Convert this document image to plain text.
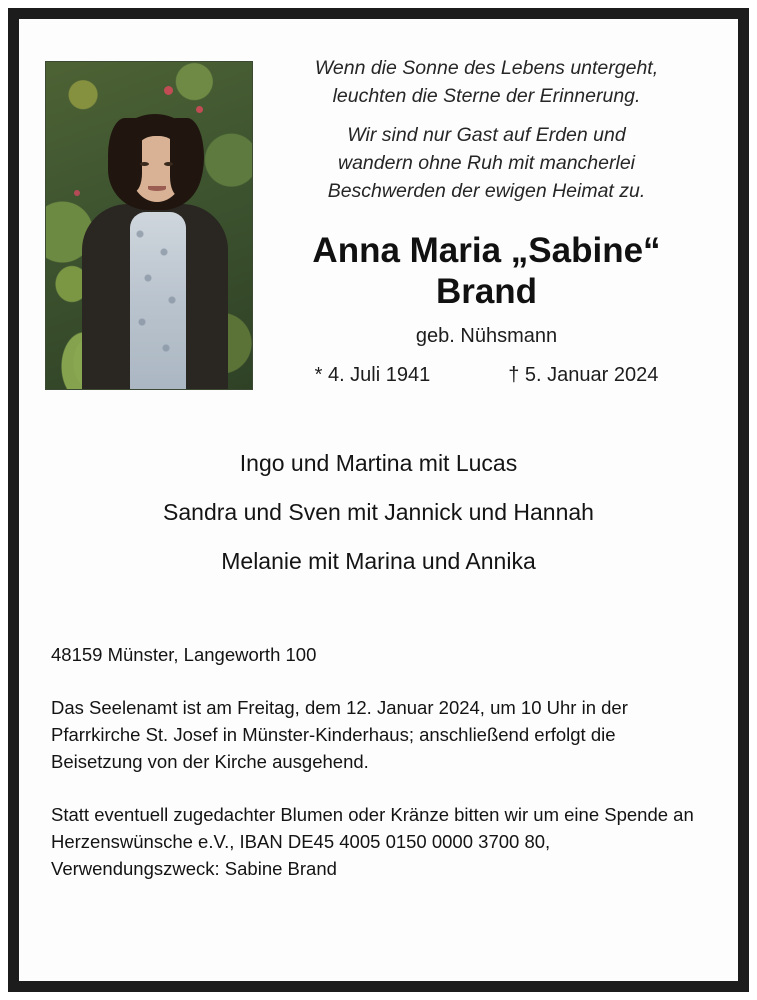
Wenn die Sonne des Lebens untergeht,

leuchten die Sterne der Erinnerung.

Wir sind nur Gast auf Erden und

wandern ohne Ruh mit mancherlei

Beschwerden der ewigen Heimat zu.

Anna Maria „Sabine“
Brand
geb. Nühsmann
* 4. Juli 1941	† 5. Januar 2024
Ingo und Martina mit Lucas
Sandra und Sven mit Jannick und Hannah
Melanie mit Marina und Annika
48159 Münster, Langeworth 100
Das Seelenamt ist am Freitag, dem 12. Januar 2024, um 10 Uhr in der Pfarrkirche St. Josef in Münster-Kinderhaus; anschließend erfolgt die Beisetzung von der Kirche ausgehend.
Statt eventuell zugedachter Blumen oder Kränze bitten wir um eine Spende an Herzenswünsche e.V., IBAN DE45 4005 0150 0000 3700 80, Verwendungszweck: Sabine Brand
